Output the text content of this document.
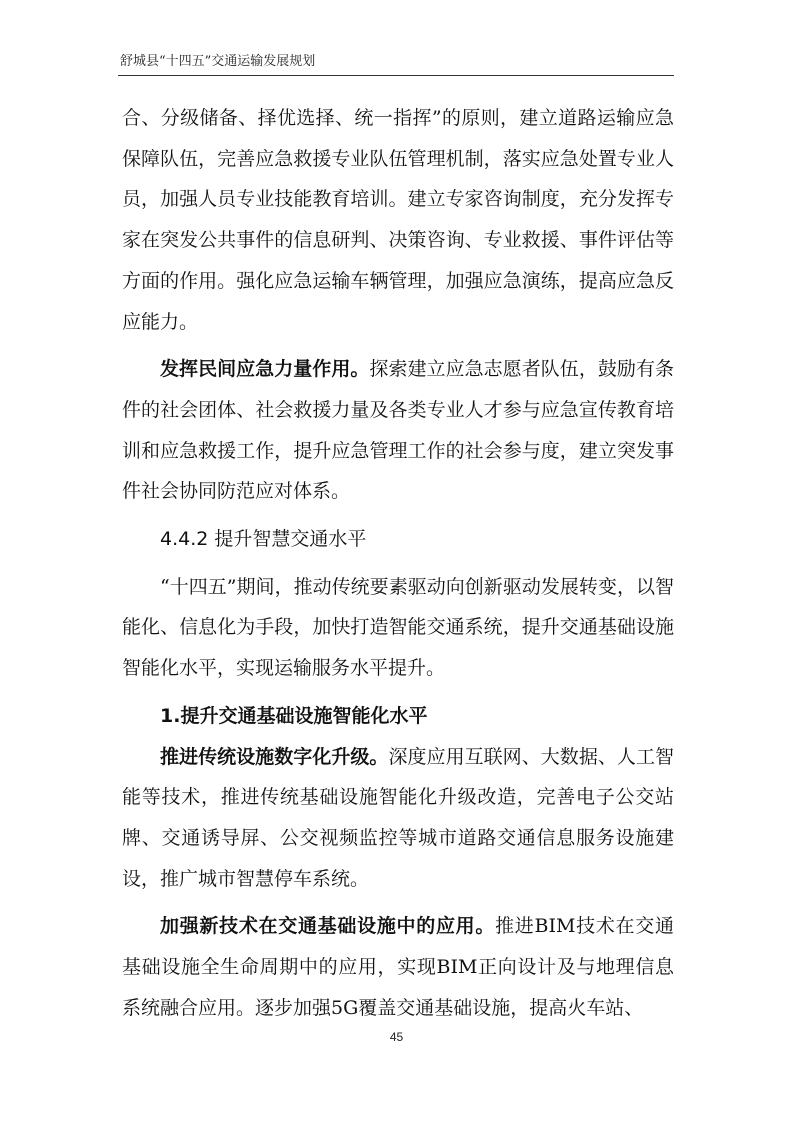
舒城县“十四五”交通运输发展规划

合、分级储备、择优选择、统一指挥”的原则，建立道路运输应急保障队伍，完善应急救援专业队伍管理机制，落实应急处置专业人员，加强人员专业技能教育培训。建立专家咨询制度，充分发挥专家在突发公共事件的信息研判、决策咨询、专业救援、事件评估等方面的作用。强化应急运输车辆管理，加强应急演练，提高应急反应能力。

发挥民间应急力量作用。探索建立应急志愿者队伍，鼓励有条件的社会团体、社会救援力量及各类专业人才参与应急宣传教育培训和应急救援工作，提升应急管理工作的社会参与度，建立突发事件社会协同防范应对体系。

4.4.2 提升智慧交通水平

“十四五”期间，推动传统要素驱动向创新驱动发展转变，以智能化、信息化为手段，加快打造智能交通系统，提升交通基础设施智能化水平，实现运输服务水平提升。

1.提升交通基础设施智能化水平

推进传统设施数字化升级。深度应用互联网、大数据、人工智能等技术，推进传统基础设施智能化升级改造，完善电子公交站牌、交通诱导屏、公交视频监控等城市道路交通信息服务设施建设，推广城市智慧停车系统。

加强新技术在交通基础设施中的应用。推进BIM技术在交通基础设施全生命周期中的应用，实现BIM正向设计及与地理信息系统融合应用。逐步加强5G覆盖交通基础设施，提高火车站、

45
